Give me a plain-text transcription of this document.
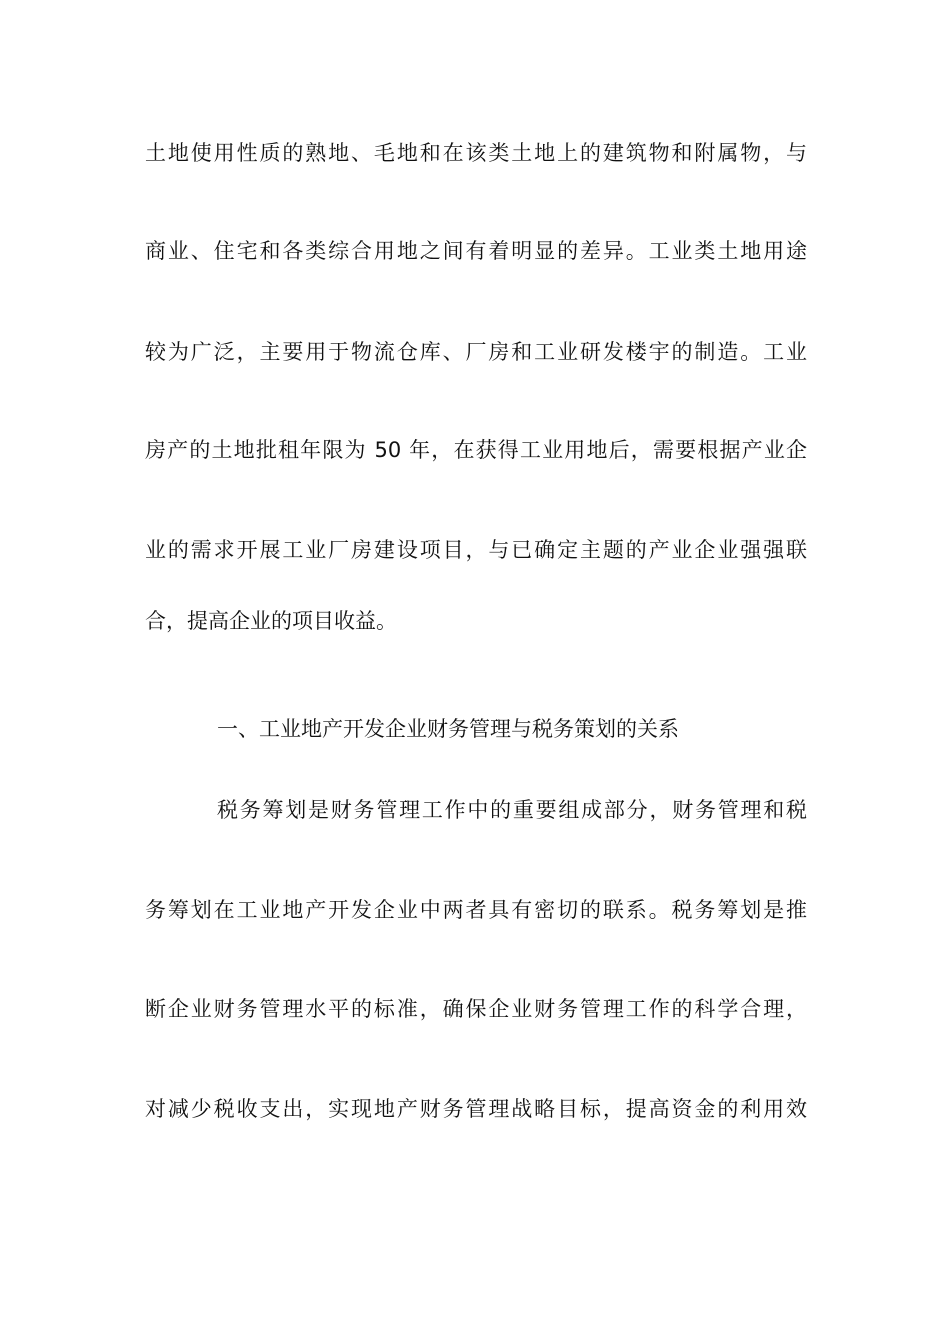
土地使用性质的熟地、毛地和在该类土地上的建筑物和附属物，与
商业、住宅和各类综合用地之间有着明显的差异。工业类土地用途
较为广泛，主要用于物流仓库、厂房和工业研发楼宇的制造。工业
房产的土地批租年限为 50 年，在获得工业用地后，需要根据产业企
业的需求开展工业厂房建设项目，与已确定主题的产业企业强强联
合，提高企业的项目收益。
一、工业地产开发企业财务管理与税务策划的关系
税务筹划是财务管理工作中的重要组成部分，财务管理和税
务筹划在工业地产开发企业中两者具有密切的联系。税务筹划是推
断企业财务管理水平的标准，确保企业财务管理工作的科学合理，
对减少税收支出，实现地产财务管理战略目标，提高资金的利用效
